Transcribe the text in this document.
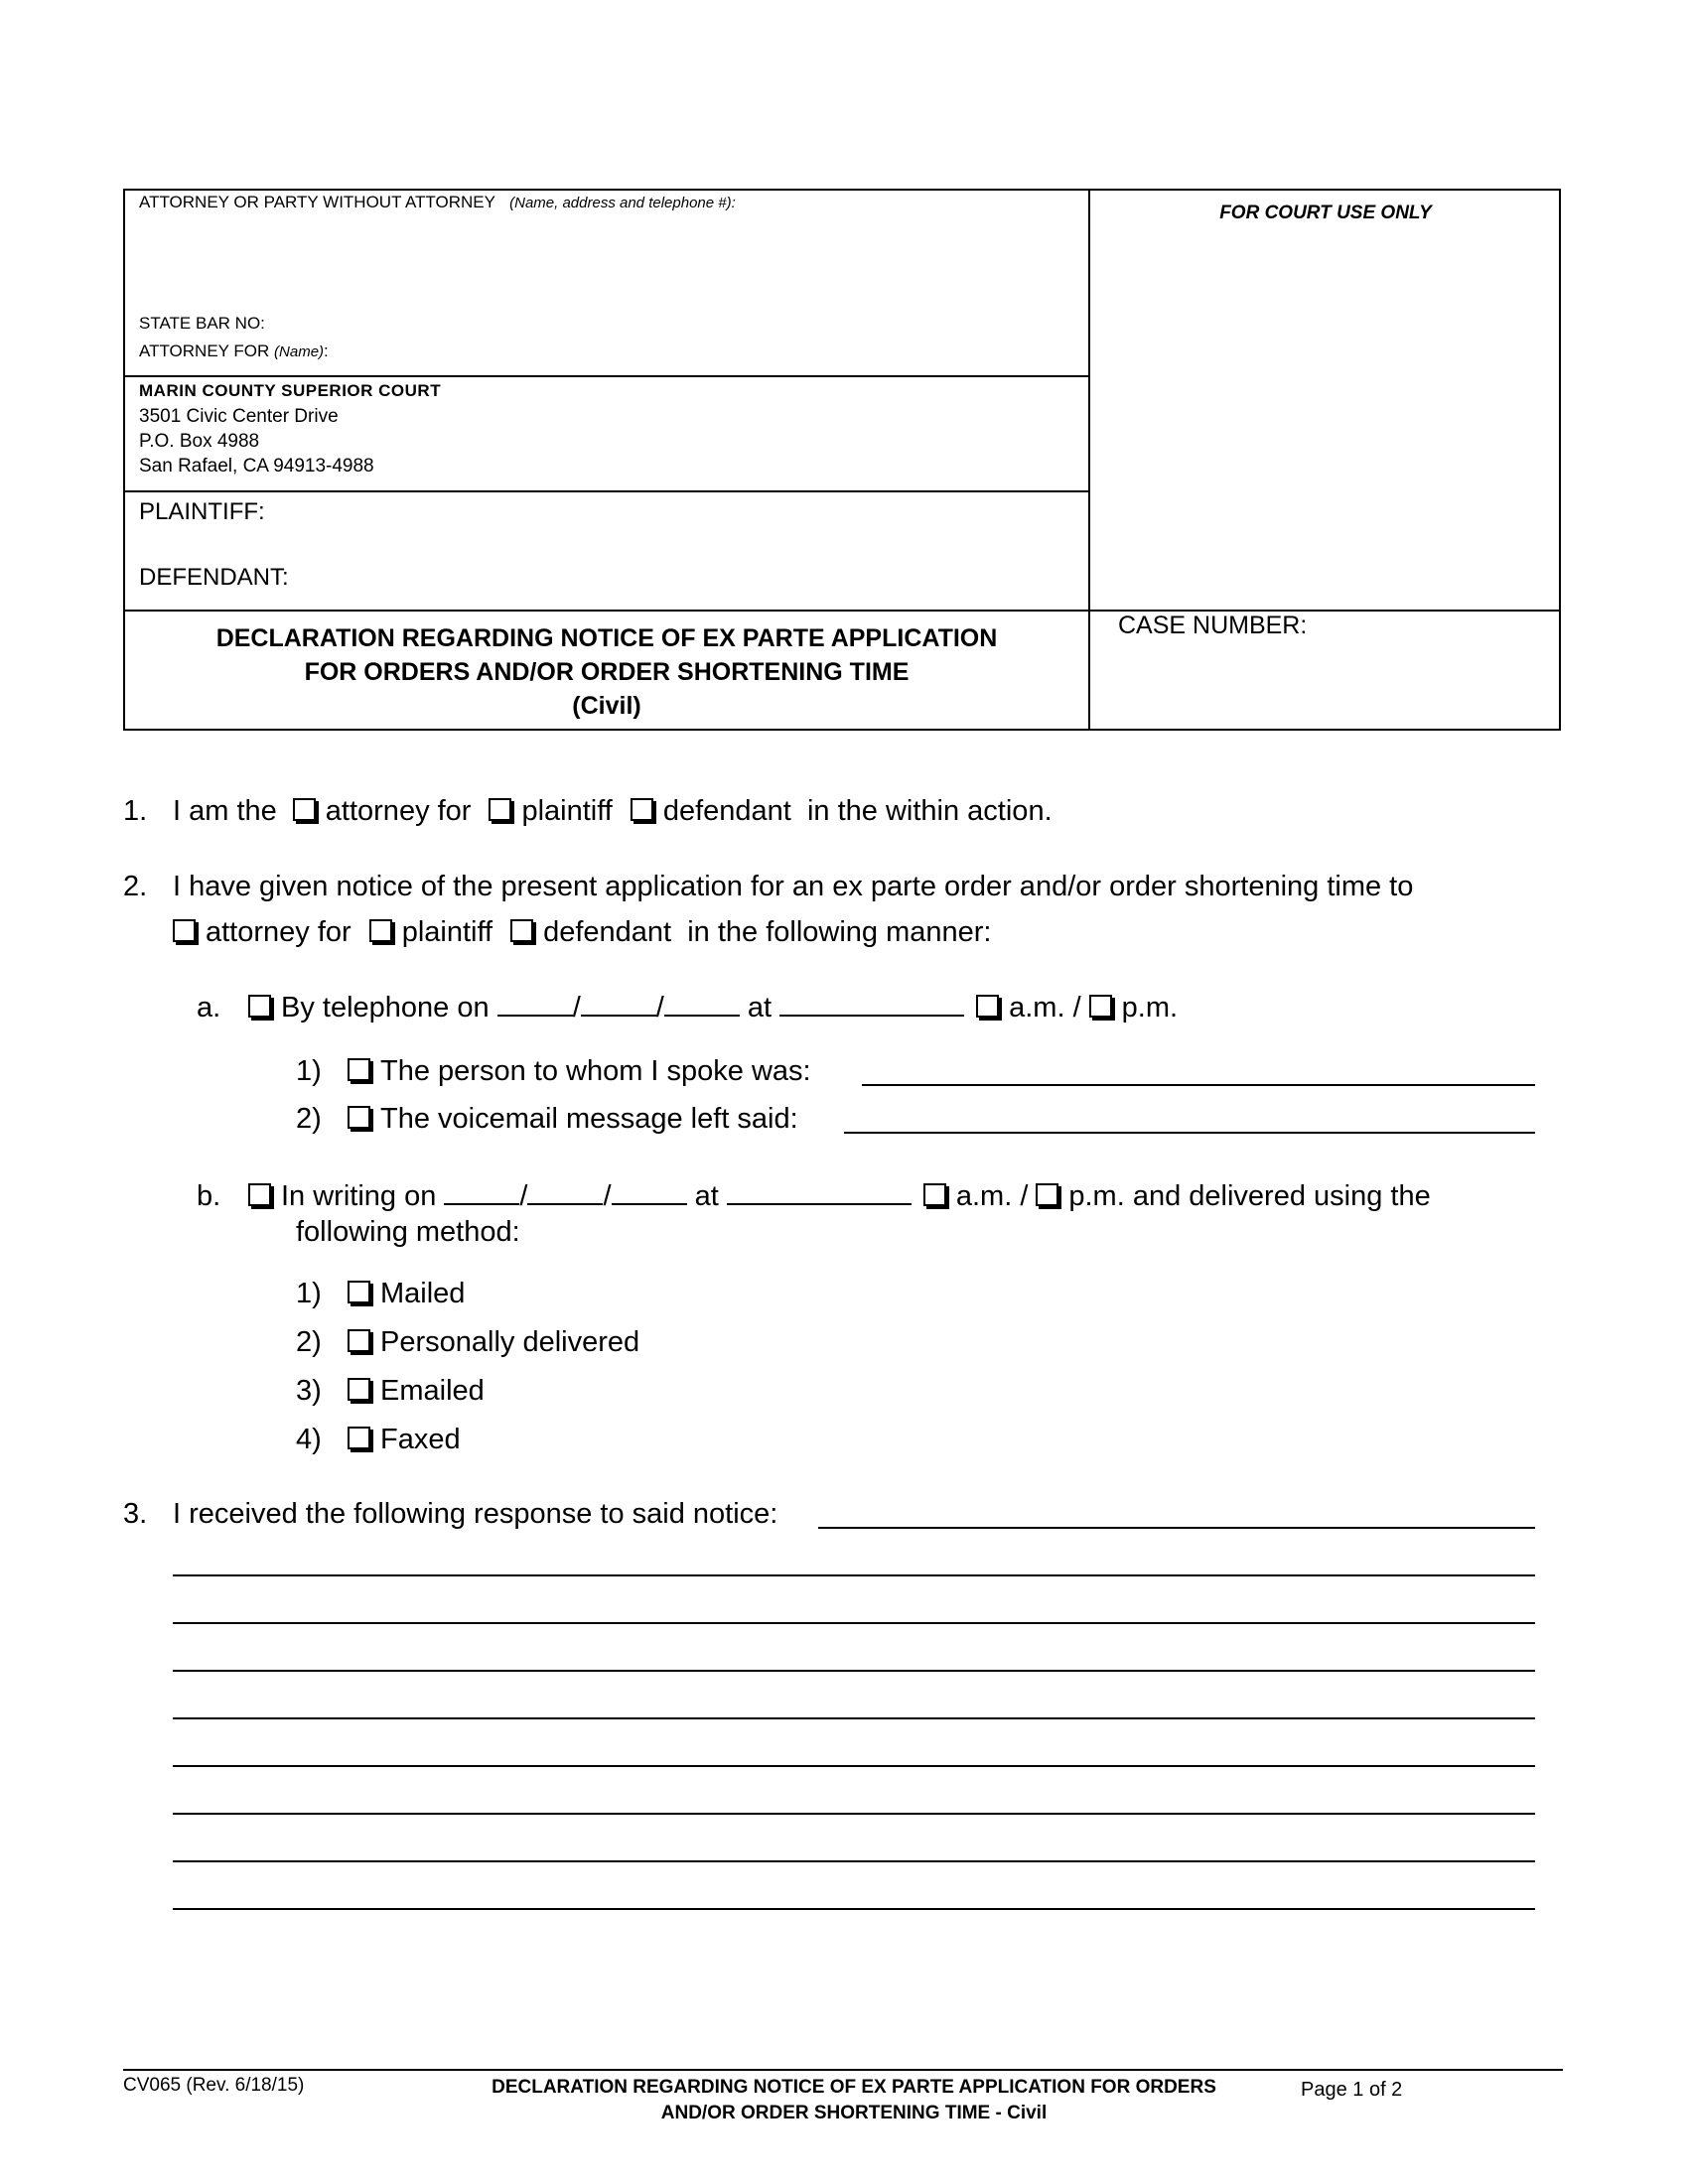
ATTORNEY OR PARTY WITHOUT ATTORNEY (Name, address and telephone #):	FOR COURT USE ONLY
STATE BAR NO:
ATTORNEY FOR (Name):
MARIN COUNTY SUPERIOR COURT
3501 Civic Center Drive
P.O. Box 4988
San Rafael, CA 94913-4988
PLAINTIFF:
DEFENDANT:
DECLARATION REGARDING NOTICE OF EX PARTE APPLICATION
FOR ORDERS AND/OR ORDER SHORTENING TIME
(Civil)
CASE NUMBER:
1. I am the attorney for plaintiff defendant in the within action.
2. I have given notice of the present application for an ex parte order and/or order shortening time to
attorney for plaintiff defendant in the following manner:
a.	By telephone on	/	/	at	a.m. / p.m.
1)	The person to whom I spoke was:
2)	The voicemail message left said:
b.	In writing on	/	/	at	a.m. / p.m. and delivered using the
following method:
1)	Mailed
2)	Personally delivered
3)	Emailed
4)	Faxed
3. I received the following response to said notice:
CV065 (Rev. 6/18/15)	DECLARATION REGARDING NOTICE OF EX PARTE APPLICATION FOR ORDERS
AND/OR ORDER SHORTENING TIME - Civil
Page 1 of 2
